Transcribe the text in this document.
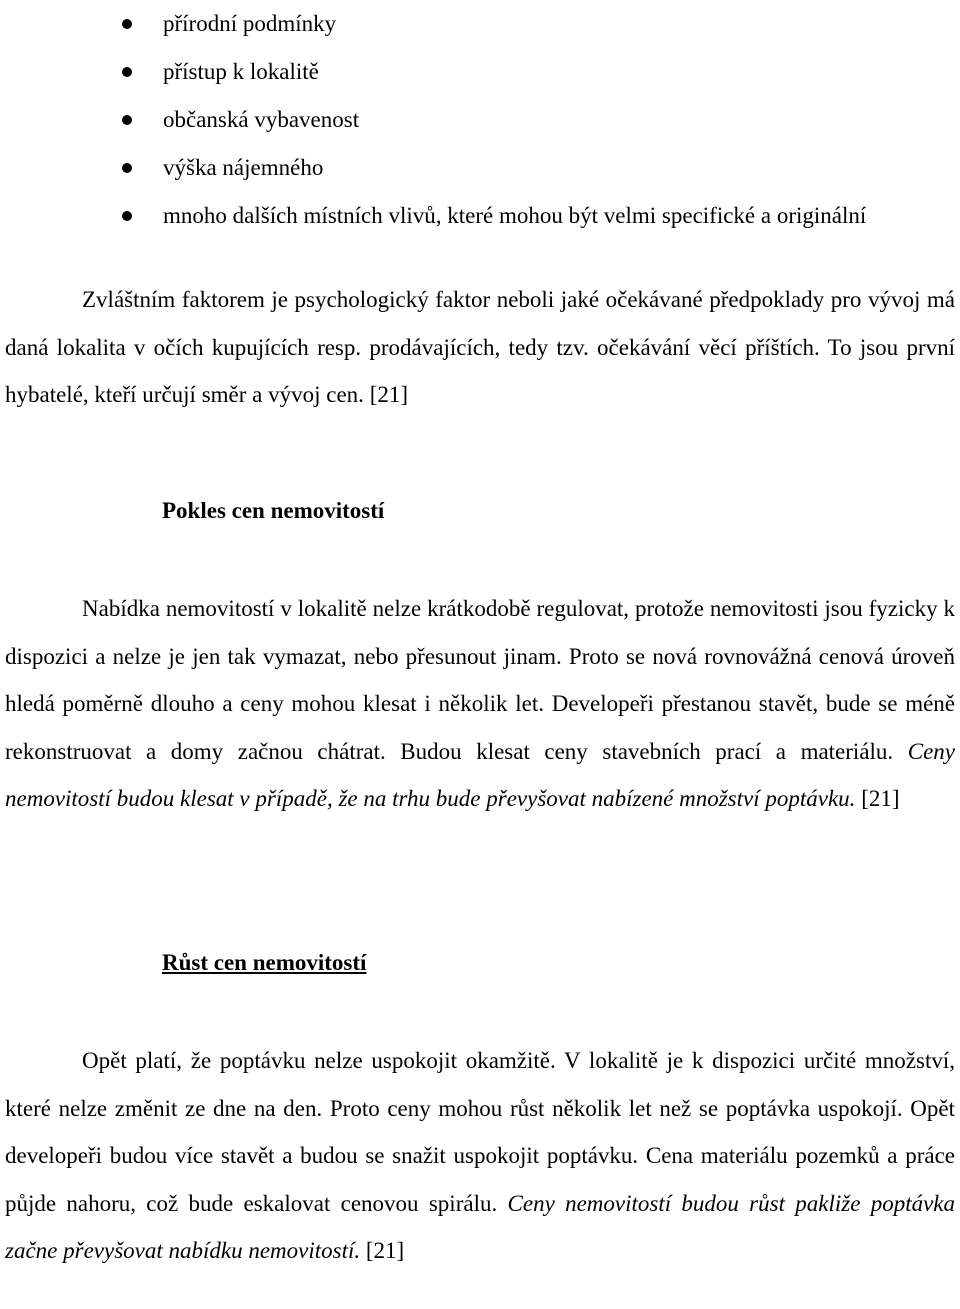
přírodní podmínky
přístup k lokalitě
občanská vybavenost
výška nájemného
mnoho dalších místních vlivů, které mohou být velmi specifické a originální

Zvláštním faktorem je psychologický faktor neboli jaké očekávané předpoklady pro vývoj má daná lokalita v očích kupujících resp. prodávajících, tedy tzv. očekávání věcí příštích. To jsou první hybatelé, kteří určují směr a vývoj cen. [21]

Pokles cen nemovitostí

Nabídka nemovitostí v lokalitě nelze krátkodobě regulovat, protože nemovitosti jsou fyzicky k dispozici a nelze je jen tak vymazat, nebo přesunout jinam. Proto se nová rovnovážná cenová úroveň hledá poměrně dlouho a ceny mohou klesat i několik let. Developeři přestanou stavět, bude se méně rekonstruovat a domy začnou chátrat. Budou klesat ceny stavebních prací a materiálu. Ceny nemovitostí budou klesat v případě, že na trhu bude převyšovat nabízené množství poptávku. [21]

Růst cen nemovitostí

Opět platí, že poptávku nelze uspokojit okamžitě. V lokalitě je k dispozici určité množství, které nelze změnit ze dne na den. Proto ceny mohou růst několik let než se poptávka uspokojí. Opět developeři budou více stavět a budou se snažit uspokojit poptávku. Cena materiálu pozemků a práce půjde nahoru, což bude eskalovat cenovou spirálu. Ceny nemovitostí budou růst pakliže poptávka začne převyšovat nabídku nemovitostí. [21]
